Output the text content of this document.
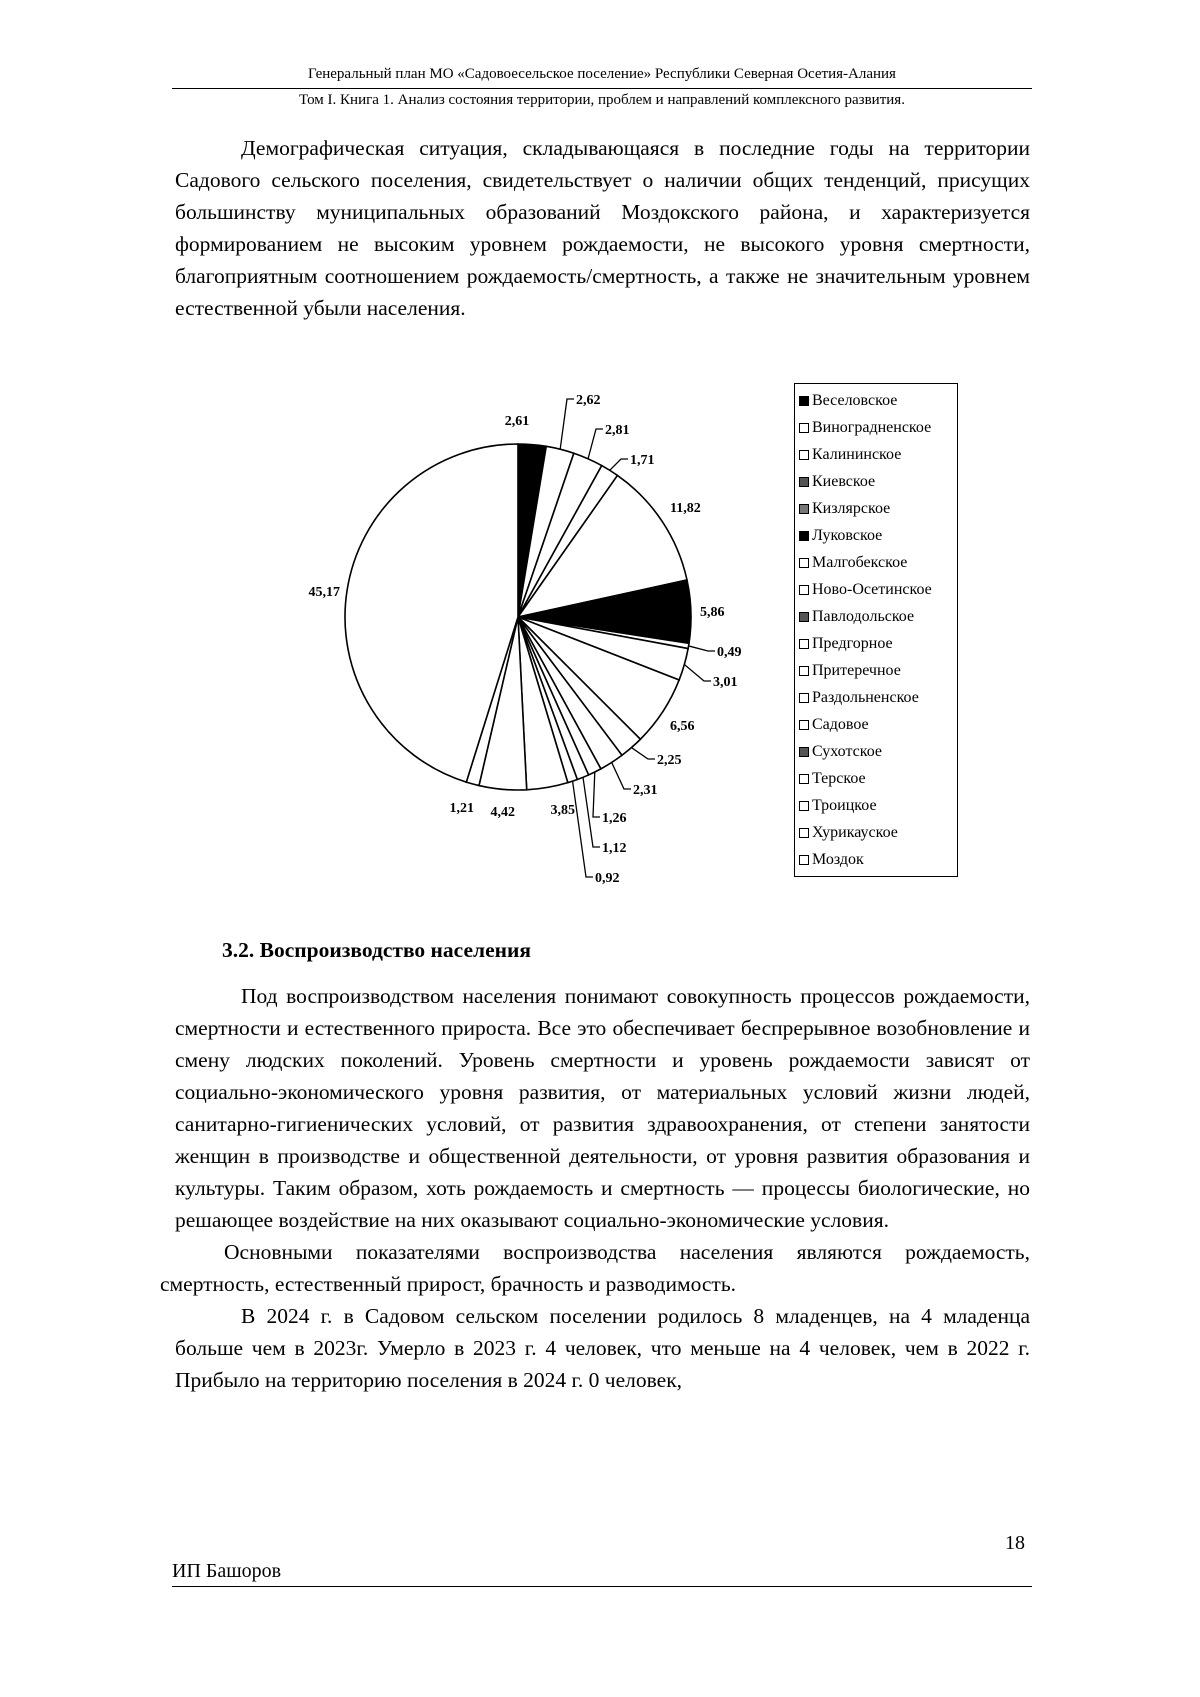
Генеральный план МО «Садовоесельское поселение» Республики Северная Осетия-Алания
Том I. Книга 1. Анализ состояния территории, проблем и направлений комплексного развития.
Демографическая ситуация, складывающаяся в последние годы на территории Садового сельского поселения, свидетельствует о наличии общих тенденций, присущих большинству муниципальных образований Моздокского района, и характеризуется формированием не высоким уровнем рождаемости, не высокого уровня смертности, благоприятным соотношением рождаемость/смертность, а также не значительным уровнем естественной убыли населения.
2,61
2,62
2,81
1,71
11,82
5,86
0,49
3,01
6,56
2,25
2,31
1,26
1,12
0,92
3,85
4,42
1,21
45,17
Веселовское
Виноградненское
Калининское
Киевское
Кизлярское
Луковское
Малгобекское
Ново-Осетинское
Павлодольское
Предгорное
Притеречное
Раздольненское
Садовое
Сухотское
Терское
Троицкое
Хурикауское
Моздок
3.2. Воспроизводство населения
Под воспроизводством населения понимают совокупность процессов рождаемости, смертности и естественного прироста. Все это обеспечивает беспрерывное возобновление и смену людских поколений. Уровень смертности и уровень рождаемости зависят от социально-экономического уровня развития, от материальных условий жизни людей, санитарно-гигиенических условий, от развития здравоохранения, от степени занятости женщин в производстве и общественной деятельности, от уровня развития образования и культуры. Таким образом, хоть рождаемость и смертность — процессы биологические, но решающее воздействие на них оказывают социально-экономические условия.
Основными показателями воспроизводства населения являются рождаемость, смертность, естественный прирост, брачность и разводимость.
В 2024 г. в Садовом сельском поселении родилось 8 младенцев, на 4 младенца больше чем в 2023г. Умерло в 2023 г. 4 человек, что меньше на 4 человек, чем в 2022 г. Прибыло на территорию поселения в 2024 г. 0 человек,
18
ИП Башоров
